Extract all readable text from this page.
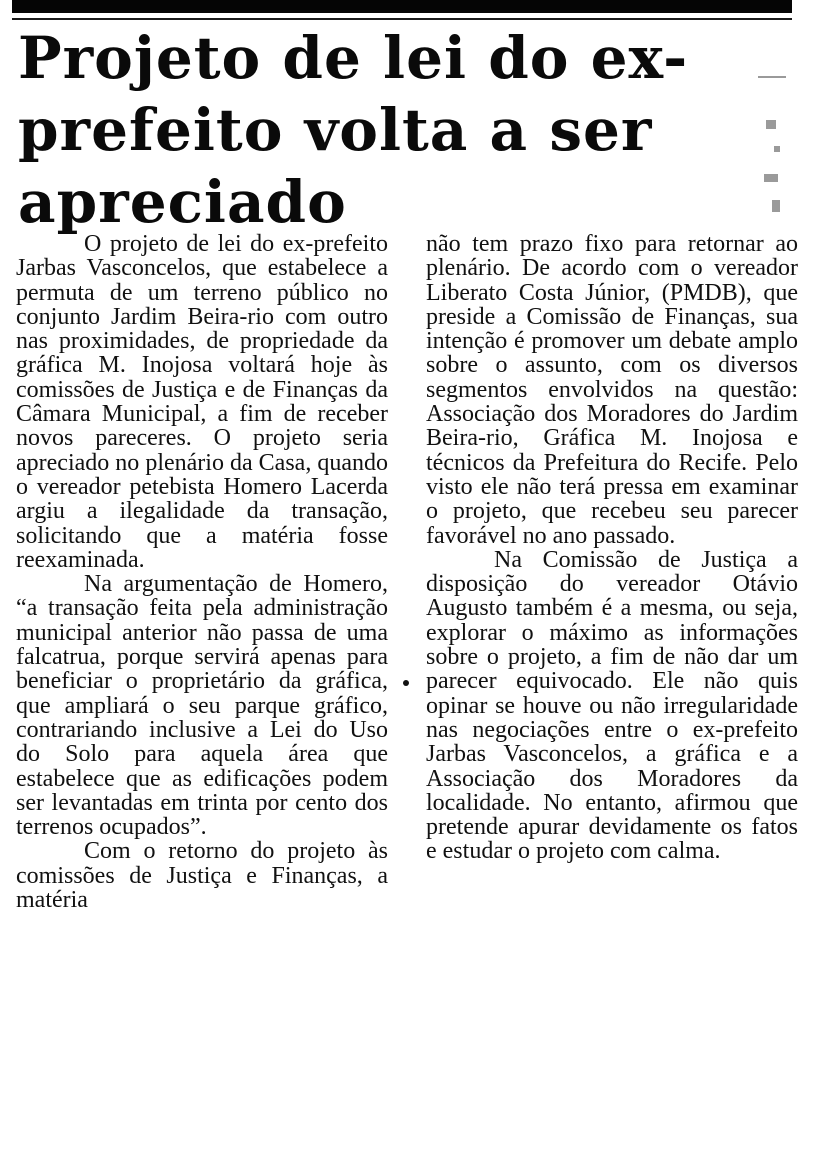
Projeto de lei do ex-prefeito volta a ser apreciado

O projeto de lei do ex-prefeito Jarbas Vasconcelos, que estabelece a permuta de um terreno público no conjunto Jardim Beira-rio com outro nas proximidades, de propriedade da gráfica M. Inojosa voltará hoje às comissões de Justiça e de Finanças da Câmara Municipal, a fim de receber novos pareceres. O projeto seria apreciado no plenário da Casa, quando o vereador petebista Homero Lacerda argiu a ilegalidade da transação, solicitando que a matéria fosse reexaminada.

Na argumentação de Homero, “a transação feita pela administração municipal anterior não passa de uma falcatrua, porque servirá apenas para beneficiar o proprietário da gráfica, que ampliará o seu parque gráfico, contrariando inclusive a Lei do Uso do Solo para aquela área que estabelece que as edificações podem ser levantadas em trinta por cento dos terrenos ocupados”.

Com o retorno do projeto às comissões de Justiça e Finanças, a matéria

não tem prazo fixo para retornar ao plenário. De acordo com o vereador Liberato Costa Júnior, (PMDB), que preside a Comissão de Finanças, sua intenção é promover um debate amplo sobre o assunto, com os diversos segmentos envolvidos na questão: Associação dos Moradores do Jardim Beira-rio, Gráfica M. Inojosa e técnicos da Prefeitura do Recife. Pelo visto ele não terá pressa em examinar o projeto, que recebeu seu parecer favorável no ano passado.

Na Comissão de Justiça a disposição do vereador Otávio Augusto também é a mesma, ou seja, explorar o máximo as informações sobre o projeto, a fim de não dar um parecer equivocado. Ele não quis opinar se houve ou não irregularidade nas negociações entre o ex-prefeito Jarbas Vasconcelos, a gráfica e a Associação dos Moradores da localidade. No entanto, afirmou que pretende apurar devidamente os fatos e estudar o projeto com calma.
